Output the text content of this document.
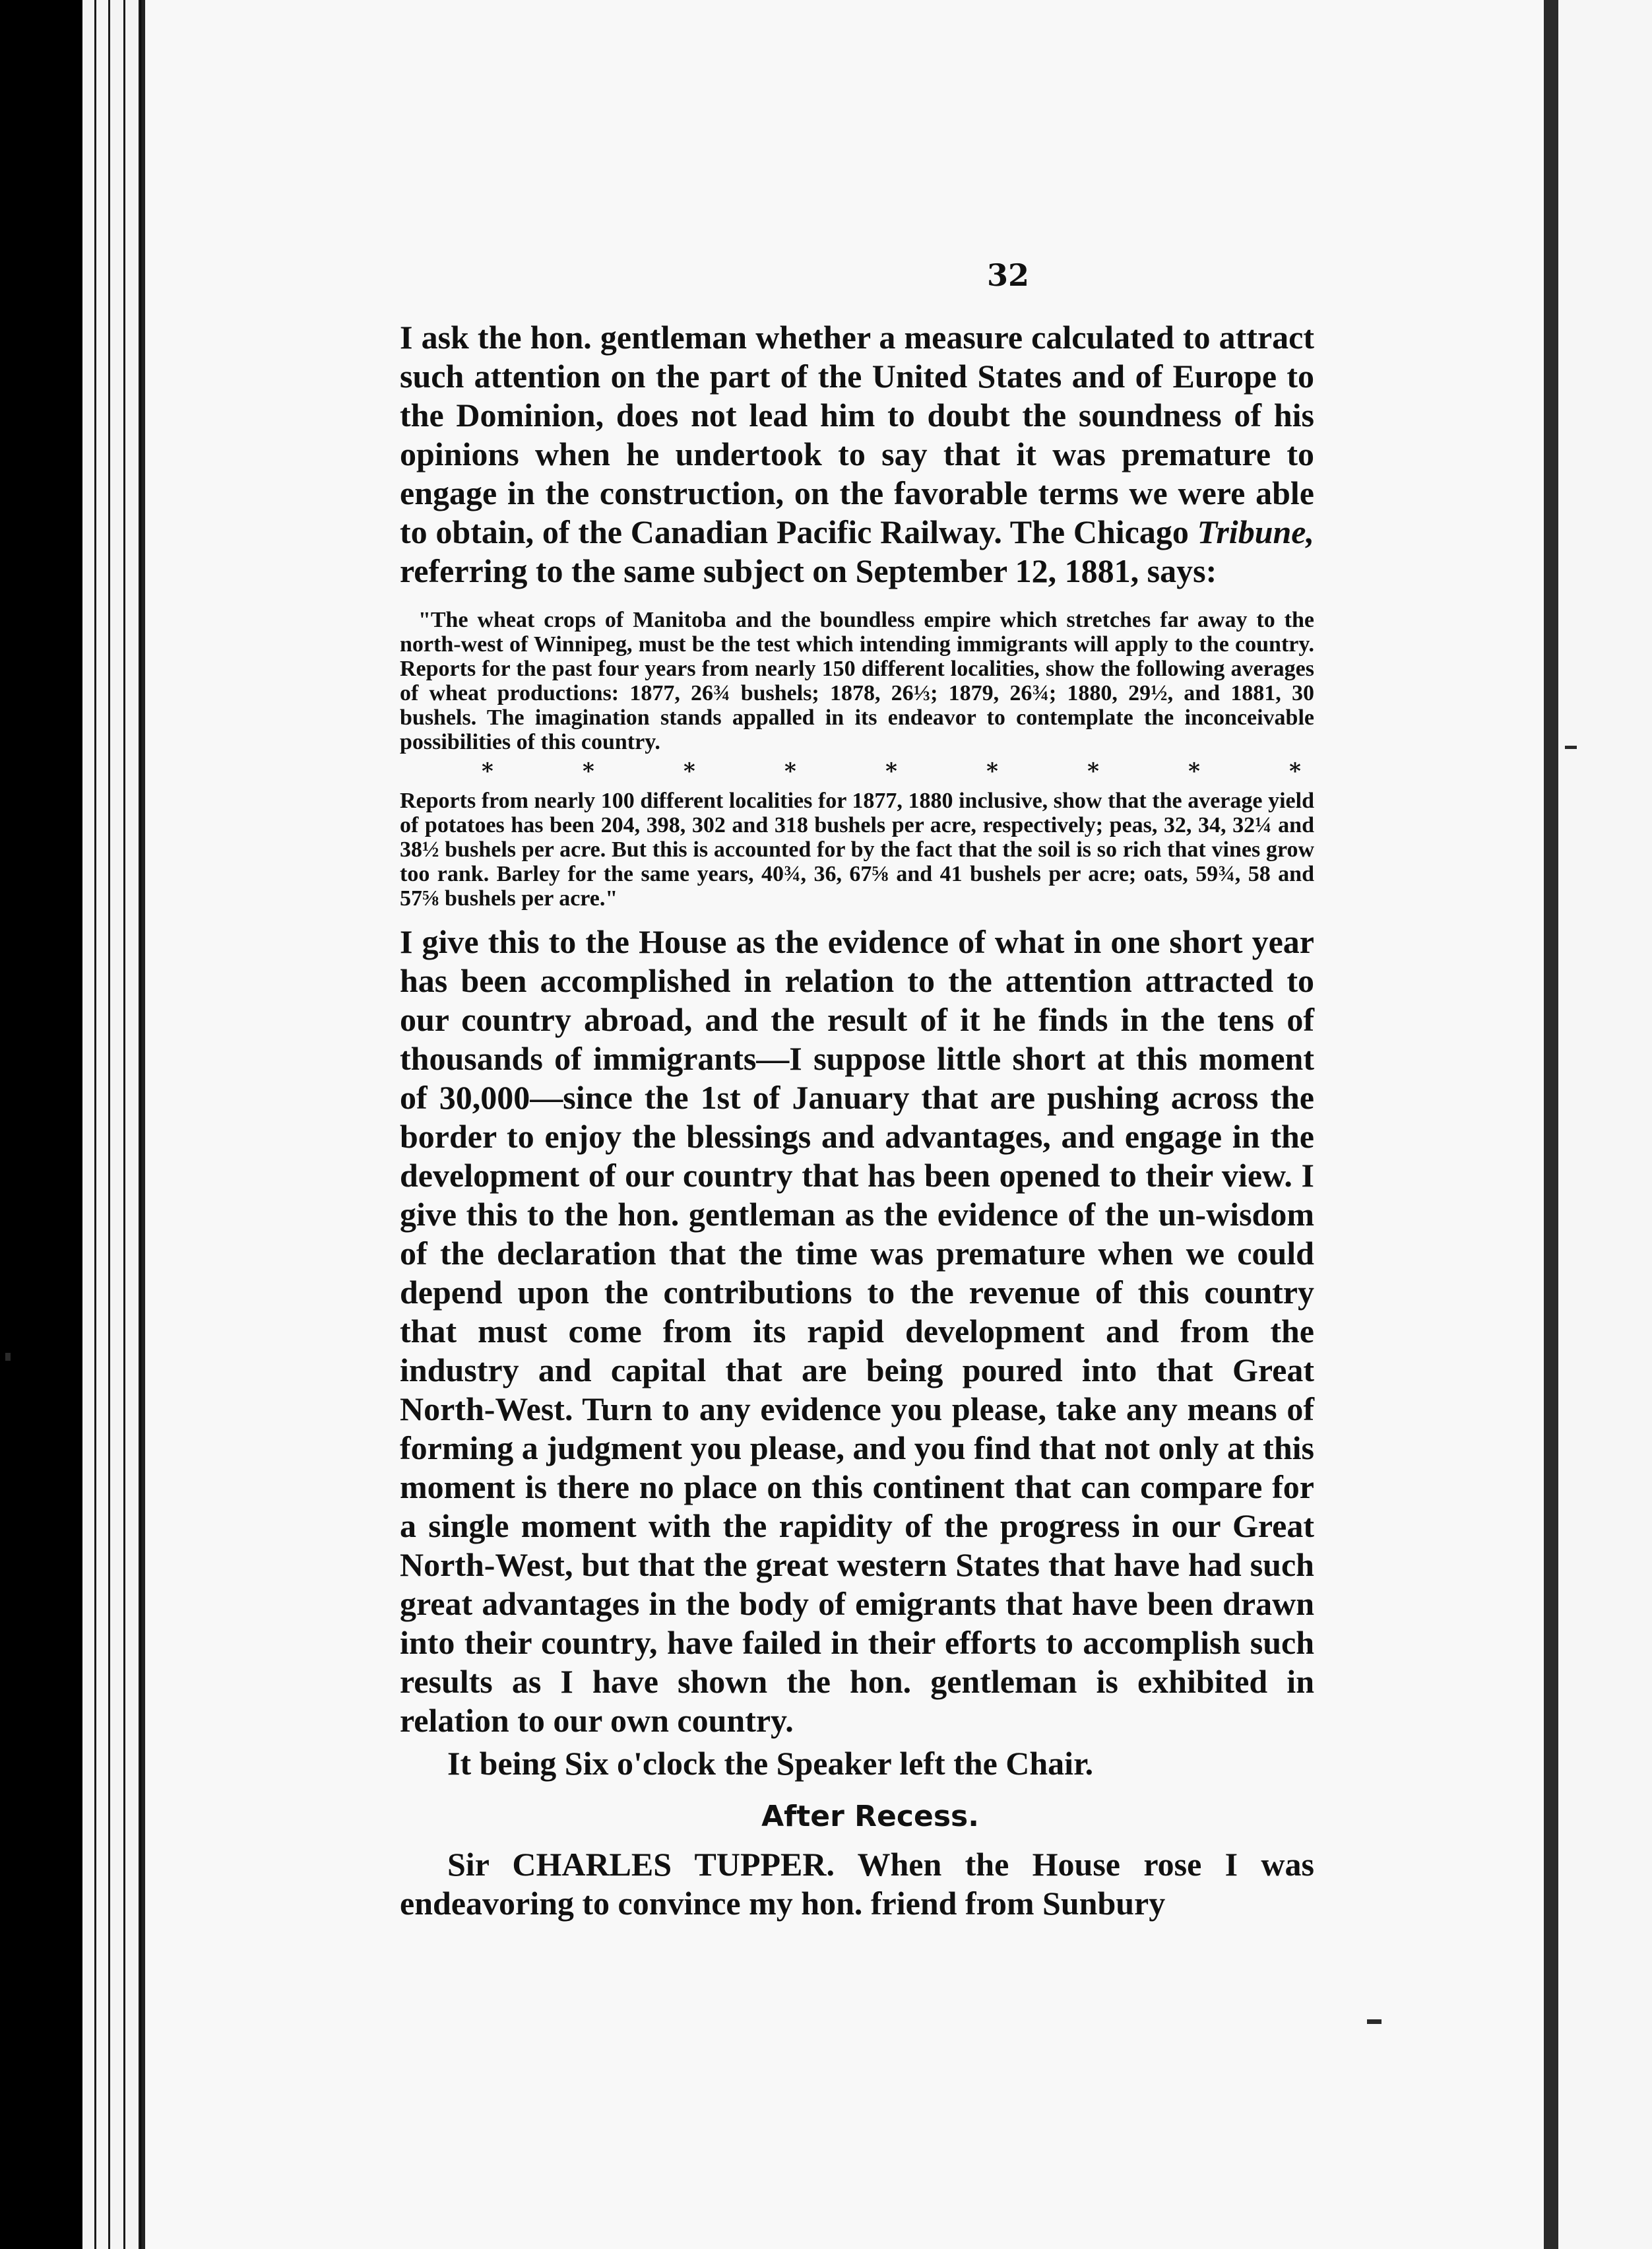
32

I ask the hon. gentleman whether a measure calculated to attract such attention on the part of the United States and of Europe to the Dominion, does not lead him to doubt the soundness of his opinions when he undertook to say that it was premature to engage in the construction, on the favorable terms we were able to obtain, of the Canadian Pacific Railway. The Chicago Tribune, referring to the same subject on September 12, 1881, says:

"The wheat crops of Manitoba and the boundless empire which stretches far away to the north-west of Winnipeg, must be the test which intending immigrants will apply to the country. Reports for the past four years from nearly 150 different localities, show the following averages of wheat productions: 1877, 26¾ bushels; 1878, 26⅓; 1879, 26¾; 1880, 29½, and 1881, 30 bushels. The imagination stands appalled in its endeavor to contemplate the inconceivable possibilities of this country.

*	*	*	*	*	*	*	*	*

Reports from nearly 100 different localities for 1877, 1880 inclusive, show that the average yield of potatoes has been 204, 398, 302 and 318 bushels per acre, respectively; peas, 32, 34, 32¼ and 38½ bushels per acre. But this is accounted for by the fact that the soil is so rich that vines grow too rank. Barley for the same years, 40¾, 36, 67⅝ and 41 bushels per acre; oats, 59¾, 58 and 57⅝ bushels per acre."

I give this to the House as the evidence of what in one short year has been accomplished in relation to the attention attracted to our country abroad, and the result of it he finds in the tens of thousands of immigrants—I suppose little short at this moment of 30,000—since the 1st of January that are pushing across the border to enjoy the blessings and advantages, and engage in the development of our country that has been opened to their view. I give this to the hon. gentleman as the evidence of the un-wisdom of the declaration that the time was premature when we could depend upon the contributions to the revenue of this country that must come from its rapid development and from the industry and capital that are being poured into that Great North-West. Turn to any evidence you please, take any means of forming a judgment you please, and you find that not only at this moment is there no place on this continent that can compare for a single moment with the rapidity of the progress in our Great North-West, but that the great western States that have had such great advantages in the body of emigrants that have been drawn into their country, have failed in their efforts to accomplish such results as I have shown the hon. gentleman is exhibited in relation to our own country.

It being Six o'clock the Speaker left the Chair.

After Recess.

Sir CHARLES TUPPER. When the House rose I was endeavoring to convince my hon. friend from Sunbury
